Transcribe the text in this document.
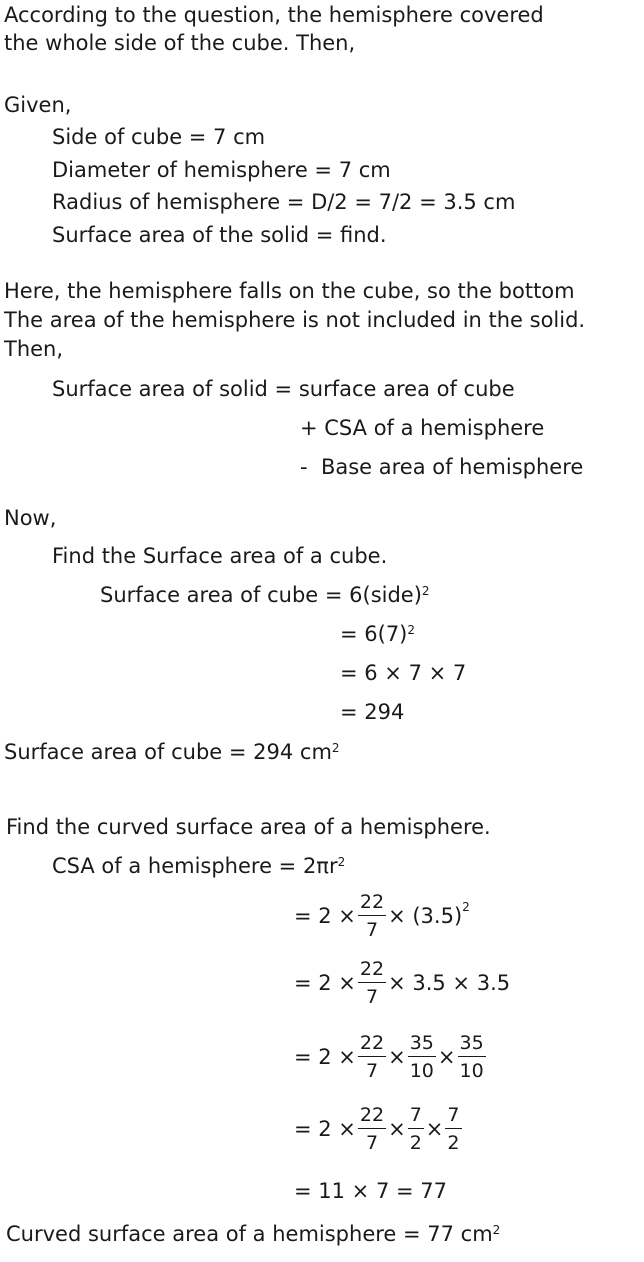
According to the question, the hemisphere covered
the whole side of the cube. Then,
Given,
Side of cube = 7 cm
Diameter of hemisphere = 7 cm
Radius of hemisphere = D/2 = 7/2 = 3.5 cm
Surface area of the solid = find.
Here, the hemisphere falls on the cube, so the bottom
The area of the hemisphere is not included in the solid.
Then,
Surface area of solid = surface area of cube
+ CSA of a hemisphere
- Base area of hemisphere
Now,
Find the Surface area of a cube.
Surface area of cube = 6(side)$^2$
= $6(7)^2$
= 6 × 7 × 7
= 294
Surface area of cube = 294 $cm^2$
Find the curved surface area of a hemisphere.
CSA of a hemisphere = $2\pi r^2$
= $2 \times \frac{22}{7} \times (3.5)^2$
= $2 \times \frac{22}{7} \times 3.5 \times 3.5$
= $2 \times \frac{22}{7} \times \frac{35}{10} \times \frac{35}{10}$
= $2 \times \frac{22}{7} \times \frac{7}{2} \times \frac{7}{2}$
= 11 × 7 = 77
Curved surface area of a hemisphere = 77 $cm^2$
